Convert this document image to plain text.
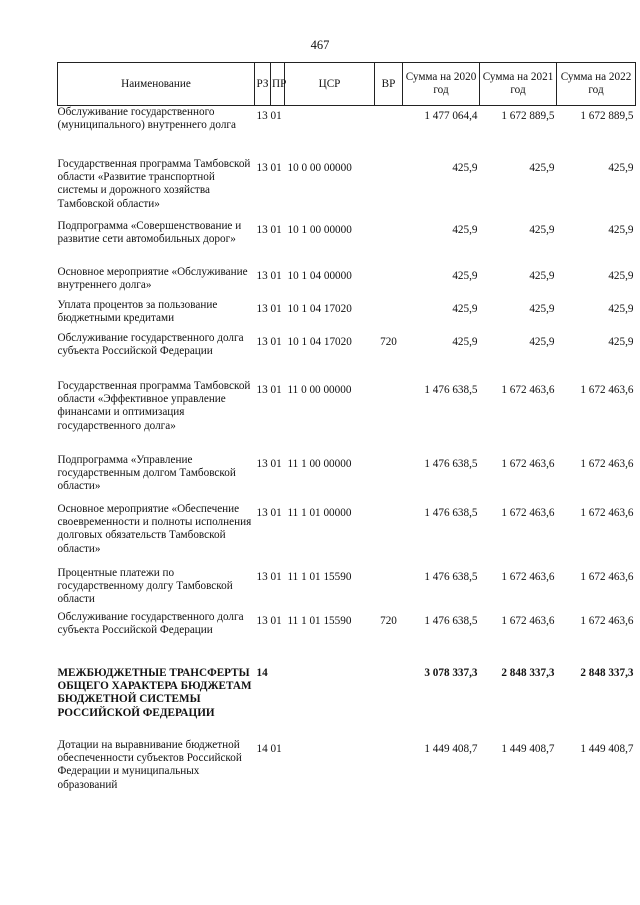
467
Наименование	РЗ	ПР	ЦСР	ВР	Сумма на 2020 год	Сумма на 2021 год	Сумма на 2022 год
Обслуживание государственного (муниципального) внутреннего долга	13 01				1 477 064,4	1 672 889,5	1 672 889,5
Государственная программа Тамбовской области «Развитие транспортной системы и дорожного хозяйства Тамбовской области»	13 01		10 0 00 00000		425,9	425,9	425,9
Подпрограмма «Совершенствование и развитие сети автомобильных дорог»	13 01		10 1 00 00000		425,9	425,9	425,9
Основное мероприятие «Обслуживание внутреннего долга»	13 01		10 1 04 00000		425,9	425,9	425,9
Уплата процентов за пользование бюджетными кредитами	13 01		10 1 04 17020		425,9	425,9	425,9
Обслуживание государственного долга субъекта Российской Федерации	13 01		10 1 04 17020	720	425,9	425,9	425,9
Государственная программа Тамбовской области «Эффективное управление финансами и оптимизация государственного долга»	13 01		11 0 00 00000		1 476 638,5	1 672 463,6	1 672 463,6
Подпрограмма «Управление государственным долгом Тамбовской области»	13 01		11 1 00 00000		1 476 638,5	1 672 463,6	1 672 463,6
Основное мероприятие «Обеспечение своевременности и полноты исполнения долговых обязательств Тамбовской области»	13 01		11 1 01 00000		1 476 638,5	1 672 463,6	1 672 463,6
Процентные платежи по государственному долгу Тамбовской области	13 01		11 1 01 15590		1 476 638,5	1 672 463,6	1 672 463,6
Обслуживание государственного долга субъекта Российской Федерации	13 01		11 1 01 15590	720	1 476 638,5	1 672 463,6	1 672 463,6
МЕЖБЮДЖЕТНЫЕ ТРАНСФЕРТЫ ОБЩЕГО ХАРАКТЕРА БЮДЖЕТАМ БЮДЖЕТНОЙ СИСТЕМЫ РОССИЙСКОЙ ФЕДЕРАЦИИ	14				3 078 337,3	2 848 337,3	2 848 337,3
Дотации на выравнивание бюджетной обеспеченности субъектов Российской Федерации и муниципальных образований	14 01				1 449 408,7	1 449 408,7	1 449 408,7
